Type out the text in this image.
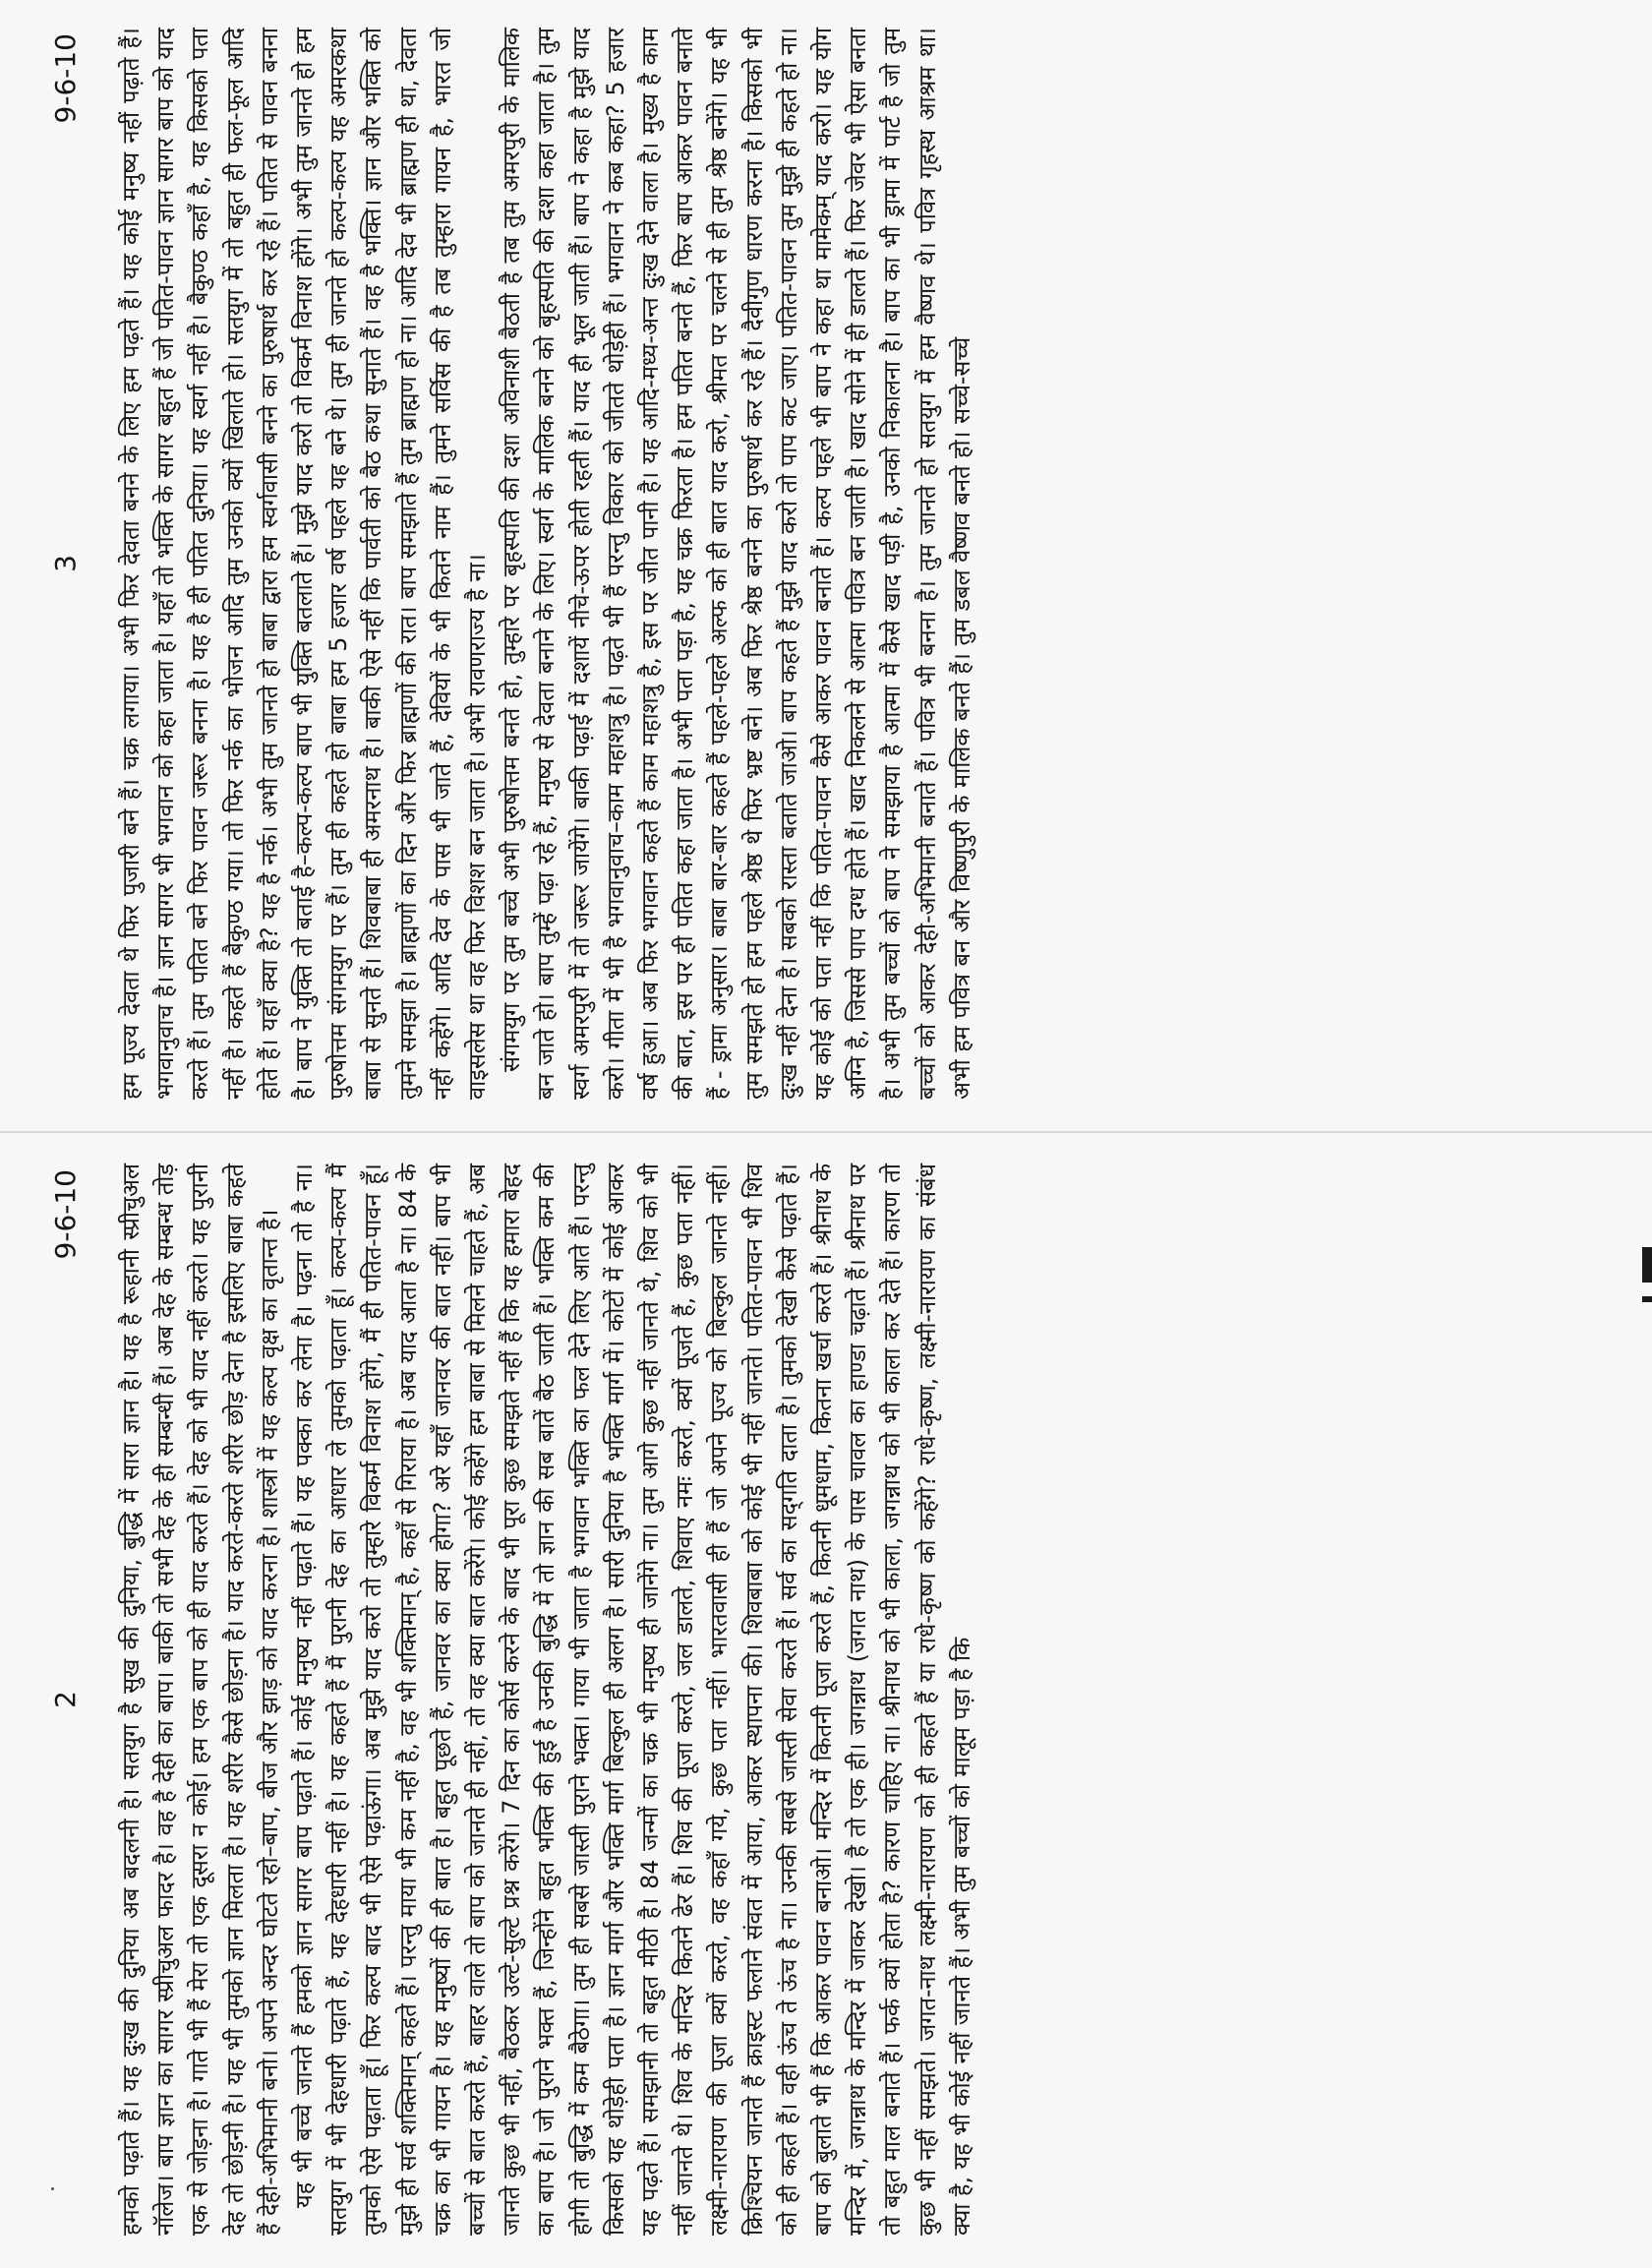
3
9-6-10 हम पूज्य देवता थे फिर पुजारी बने हैं। चक्र लगाया। अभी फिर देवता बनने के लिए हम पढ़ते हैं। यह कोई मनुष्य नहीं पढ़ाते हैं। भगवानुवाच है। ज्ञान सागर भी भगवान को कहा जाता है। यहाँ तो भक्ति के सागर बहुत हैं जो पतित-पावन ज्ञान सागर बाप को याद करते हैं। तुम पतित बने फिर पावन जरूर बनना है। यह है ही पतित दुनिया। यह स्वर्ग नहीं है। बैकुण्ठ कहाँ है, यह किसको पता नहीं है। कहते हैं बैकुण्ठ गया। तो फिर नर्क का भोजन आदि तुम उनको क्यों खिलाते हो। सतयुग में तो बहुत ही फल-फूल आदि होते हैं। यहाँ क्या है? यह है नर्क। अभी तुम जानते हो बाबा द्वारा हम स्वर्गवासी बनने का पुरुषार्थ कर रहे हैं। पतित से पावन बनना है। बाप ने युक्ति तो बताई है–कल्प-कल्प बाप भी युक्ति बतलाते हैं। मुझे याद करो तो विकर्म विनाश होंगे। अभी तुम जानते हो हम पुरुषोत्तम संगमयुग पर हैं। तुम ही कहते हो बाबा हम 5 हजार वर्ष पहले यह बने थे। तुम ही जानते हो कल्प-कल्प यह अमरकथा बाबा से सुनते हैं। शिवबाबा ही अमरनाथ है। बाकी ऐसे नहीं कि पार्वती को बैठ कथा सुनाते हैं। वह है भक्ति। ज्ञान और भक्ति को तुमने समझा है। ब्राह्मणों का दिन और फिर ब्राह्मणों की रात। बाप समझाते हैं तुम ब्राह्मण हो ना। आदि देव भी ब्राह्मण ही था, देवता नहीं कहेंगे। आदि देव के पास भी जाते हैं, देवियों के भी कितने नाम हैं। तुमने सर्विस की है तब तुम्हारा गायन है, भारत जो वाइसलेस था वह फिर विशश बन जाता है। अभी रावणराज्य है ना। संगमयुग पर तुम बच्चे अभी पुरुषोत्तम बनते हो, तुम्हारे पर बृहस्पति की दशा अविनाशी बैठती है तब तुम अमरपुरी के मालिक बन जाते हो। बाप तुम्हें पढ़ा रहे हैं, मनुष्य से देवता बनाने के लिए। स्वर्ग के मालिक बनने को बृहस्पति की दशा कहा जाता है। तुम स्वर्ग अमरपुरी में तो जरूर जायेंगे। बाकी पढ़ाई में दशायें नीचे-ऊपर होती रहती हैं। याद ही भूल जाती हैं। बाप ने कहा है मुझे याद करो। गीता में भी है भगवानुवाच–काम महाशत्रु है। पढ़ते भी हैं परन्तु विकार को जीतते थोड़ेही हैं। भगवान ने कब कहा? 5 हजार वर्ष हुआ। अब फिर भगवान कहते हैं काम महाशत्रु है, इस पर जीत पानी है। यह आदि-मध्य-अन्त दुःख देने वाला है। मुख्य है काम की बात, इस पर ही पतित कहा जाता है। अभी पता पड़ा है, यह चक्र फिरता है। हम पतित बनते हैं, फिर बाप आकर पावन बनाते हैं - ड्रामा अनुसार। बाबा बार-बार कहते हैं पहले-पहले अल्फ को ही बात याद करो, श्रीमत पर चलने से ही तुम श्रेष्ठ बनेंगे। यह भी तुम समझते हो हम पहले श्रेष्ठ थे फिर भ्रष्ट बने। अब फिर श्रेष्ठ बनने का पुरुषार्थ कर रहे हैं। दैवीगुण धारण करना है। किसको भी दुःख नहीं देना है। सबको रास्ता बताते जाओ। बाप कहते हैं मुझे याद करो तो पाप कट जाए। पतित-पावन तुम मुझे ही कहते हो ना। यह कोई को पता नहीं कि पतित-पावन कैसे आकर पावन बनाते हैं। कल्प पहले भी बाप ने कहा था मामेकम् याद करो। यह योग अग्नि है, जिससे पाप दग्ध होते हैं। खाद निकलने से आत्मा पवित्र बन जाती है। खाद सोने में ही डालते हैं। फिर जेवर भी ऐसा बनता है। अभी तुम बच्चों को बाप ने समझाया है आत्मा में कैसे खाद पड़ी है, उनको निकालना है। बाप का भी ड्रामा में पार्ट है जो तुम बच्चों को आकर देही-अभिमानी बनाते हैं। पवित्र भी बनना है। तुम जानते हो सतयुग में हम वैष्णव थे। पवित्र गृहस्थ आश्रम था। अभी हम पवित्र बन और विष्णुपुरी के मालिक बनते हैं। तुम डबल वैष्णव बनते हो। सच्चे-सच्चे

2
9-6-10 हमको पढ़ाते हैं। यह दुःख की दुनिया अब बदलनी है। सतयुग है सुख की दुनिया, बुद्धि में सारा ज्ञान है। यह है रूहानी स्प्रीचुअल नॉलेज। बाप ज्ञान का सागर स्प्रीचुअल फादर है। वह है देही का बाप। बाकी तो सभी देह के ही सम्बन्धी हैं। अब देह के सम्बन्ध तोड़ एक से जोड़ना है। गाते भी हैं मेरा तो एक दूसरा न कोई। हम एक बाप को ही याद करते हैं। देह को भी याद नहीं करते। यह पुरानी देह तो छोड़नी है। यह भी तुमको ज्ञान मिलता है। यह शरीर कैसे छोड़ना है। याद करते-करते शरीर छोड़ देना है इसलिए बाबा कहते हैं देही-अभिमानी बनो। अपने अन्दर घोटते रहो–बाप, बीज और झाड़ को याद करना है। शास्त्रों में यह कल्प वृक्ष का वृतान्त है। यह भी बच्चे जानते हैं हमको ज्ञान सागर बाप पढ़ाते हैं। कोई मनुष्य नहीं पढ़ाते हैं। यह पक्का कर लेना है। पढ़ना तो है ना। सतयुग में भी देहधारी पढ़ाते हैं, यह देहधारी नहीं है। यह कहते हैं मैं पुरानी देह का आधार ले तुमको पढ़ाता हूँ। कल्प-कल्प मैं तुमको ऐसे पढ़ाता हूँ। फिर कल्प बाद भी ऐसे पढ़ाऊंगा। अब मुझे याद करो तो तुम्हारे विकर्म विनाश होंगे, मैं ही पतित-पावन हूँ। मुझे ही सर्व शक्तिमान् कहते हैं। परन्तु माया भी कम नहीं है, वह भी शक्तिमान् है, कहाँ से गिराया है। अब याद आता है ना। 84 के चक्र का भी गायन है। यह मनुष्यों की ही बात है। बहुत पूछते हैं, जानवर का क्या होगा? अरे यहाँ जानवर की बात नहीं। बाप भी बच्चों से बात करते हैं, बाहर वाले तो बाप को जानते ही नहीं, तो वह क्या बात करेंगे। कोई कहेंगे हम बाबा से मिलने चाहते हैं, अब जानते कुछ भी नहीं, बैठकर उल्टे-सुल्टे प्रश्न करेंगे। 7 दिन का कोर्स करने के बाद भी पूरा कुछ समझते नहीं हैं कि यह हमारा बेहद का बाप है। जो पुराने भक्त हैं, जिन्होंने बहुत भक्ति की हुई है उनकी बुद्धि में तो ज्ञान की सब बातें बैठ जाती हैं। भक्ति कम की होगी तो बुद्धि में कम बैठेगा। तुम ही सबसे जास्ती पुराने भक्त। गाया भी जाता है भगवान भक्ति का फल देने लिए आते हैं। परन्तु किसको यह थोड़ेही पता है। ज्ञान मार्ग और भक्ति मार्ग बिल्कुल ही अलग है। सारी दुनिया है भक्ति मार्ग में। कोटों में कोई आकर यह पढ़ते हैं। समझानी तो बहुत मीठी है। 84 जन्मों का चक्र भी मनुष्य ही जानेंगे ना। तुम आगे कुछ नहीं जानते थे, शिव को भी नहीं जानते थे। शिव के मन्दिर कितने ढेर हैं। शिव की पूजा करते, जल डालते, शिवाए नमः करते, क्यों पूजते हैं, कुछ पता नहीं। लक्ष्मी-नारायण की पूजा क्यों करते, वह कहाँ गये, कुछ पता नहीं। भारतवासी ही हैं जो अपने पूज्य को बिल्कुल जानते नहीं। क्रिश्चियन जानते हैं क्राइस्ट फलाने संवत में आया, आकर स्थापना की। शिवबाबा को कोई भी नहीं जानते। पतित-पावन भी शिव को ही कहते हैं। वही ऊंच ते ऊंच है ना। उनकी सबसे जास्ती सेवा करते हैं। सर्व का सद्‌गति दाता है। तुमको देखो कैसे पढ़ाते हैं। बाप को बुलाते भी हैं कि आकर पावन बनाओ। मन्दिर में कितनी पूजा करते हैं, कितनी धूमधाम, कितना खर्चा करते हैं। श्रीनाथ के मन्दिर में, जगन्नाथ के मन्दिर में जाकर देखो। है तो एक ही। जगन्नाथ (जगत नाथ) के पास चावल का हाण्डा चढ़ाते हैं। श्रीनाथ पर तो बहुत माल बनाते हैं। फर्क क्यों होता है? कारण चाहिए ना। श्रीनाथ को भी काला, जगन्नाथ को भी काला कर देते हैं। कारण तो कुछ भी नहीं समझते। जगत-नाथ लक्ष्मी-नारायण को ही कहते हैं या राधे-कृष्ण को कहेंगे? राधे-कृष्ण, लक्ष्मी-नारायण का संबंध क्या है, यह भी कोई नहीं जानते हैं। अभी तुम बच्चों को मालूम पड़ा है कि
